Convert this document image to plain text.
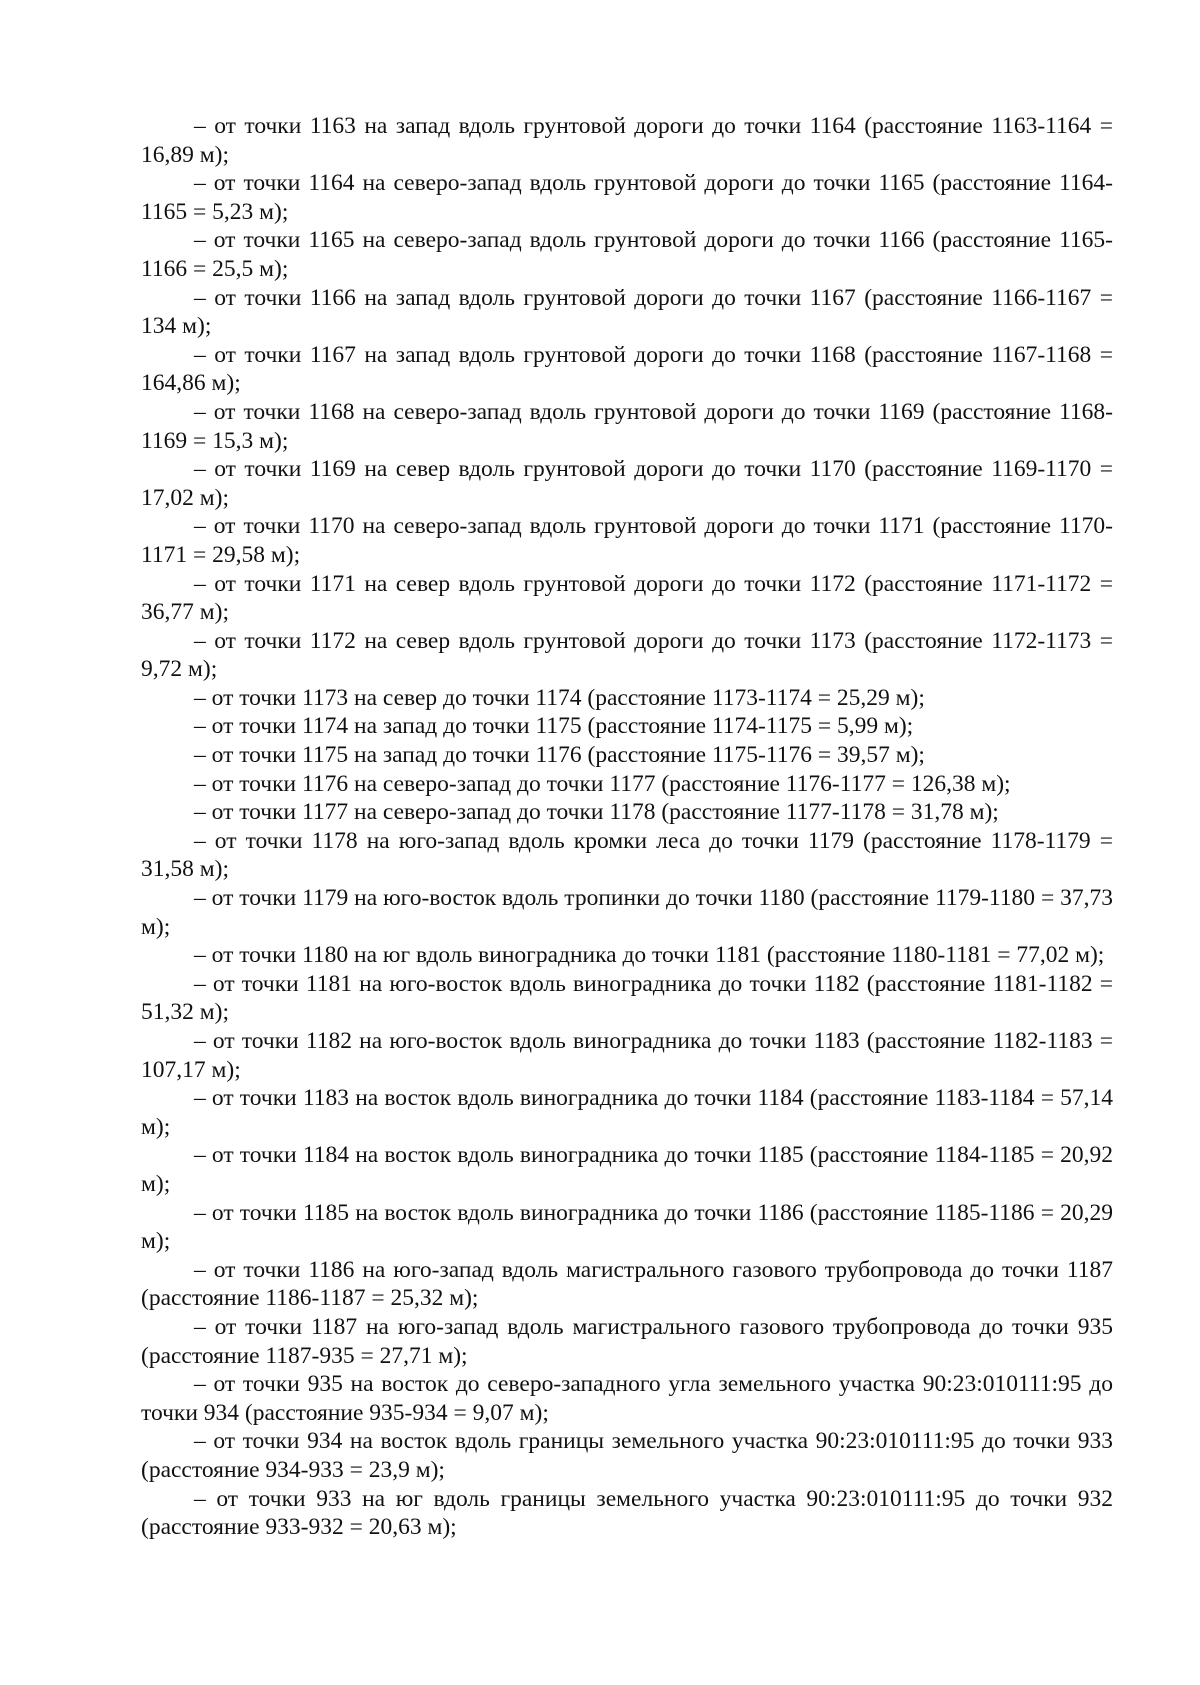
– от точки 1163 на запад вдоль грунтовой дороги до точки 1164 (расстояние 1163-1164 = 16,89 м);

– от точки 1164 на северо-запад вдоль грунтовой дороги до точки 1165 (расстояние 1164-1165 = 5,23 м);

– от точки 1165 на северо-запад вдоль грунтовой дороги до точки 1166 (расстояние 1165-1166 = 25,5 м);

– от точки 1166 на запад вдоль грунтовой дороги до точки 1167 (расстояние 1166-1167 = 134 м);

– от точки 1167 на запад вдоль грунтовой дороги до точки 1168 (расстояние 1167-1168 = 164,86 м);

– от точки 1168 на северо-запад вдоль грунтовой дороги до точки 1169 (расстояние 1168-1169 = 15,3 м);

– от точки 1169 на север вдоль грунтовой дороги до точки 1170 (расстояние 1169-1170 = 17,02 м);

– от точки 1170 на северо-запад вдоль грунтовой дороги до точки 1171 (расстояние 1170-1171 = 29,58 м);

– от точки 1171 на север вдоль грунтовой дороги до точки 1172 (расстояние 1171-1172 = 36,77 м);

– от точки 1172 на север вдоль грунтовой дороги до точки 1173 (расстояние 1172-1173 = 9,72 м);

– от точки 1173 на север до точки 1174 (расстояние 1173-1174 = 25,29 м);

– от точки 1174 на запад до точки 1175 (расстояние 1174-1175 = 5,99 м);

– от точки 1175 на запад до точки 1176 (расстояние 1175-1176 = 39,57 м);

– от точки 1176 на северо-запад до точки 1177 (расстояние 1176-1177 = 126,38 м);

– от точки 1177 на северо-запад до точки 1178 (расстояние 1177-1178 = 31,78 м);

– от точки 1178 на юго-запад вдоль кромки леса до точки 1179 (расстояние 1178-1179 = 31,58 м);

– от точки 1179 на юго-восток вдоль тропинки до точки 1180 (расстояние 1179-1180 = 37,73 м);

– от точки 1180 на юг вдоль виноградника до точки 1181 (расстояние 1180-1181 = 77,02 м);

– от точки 1181 на юго-восток вдоль виноградника до точки 1182 (расстояние 1181-1182 = 51,32 м);

– от точки 1182 на юго-восток вдоль виноградника до точки 1183 (расстояние 1182-1183 = 107,17 м);

– от точки 1183 на восток вдоль виноградника до точки 1184 (расстояние 1183-1184 = 57,14 м);

– от точки 1184 на восток вдоль виноградника до точки 1185 (расстояние 1184-1185 = 20,92 м);

– от точки 1185 на восток вдоль виноградника до точки 1186 (расстояние 1185-1186 = 20,29 м);

– от точки 1186 на юго-запад вдоль магистрального газового трубопровода до точки 1187 (расстояние 1186-1187 = 25,32 м);

– от точки 1187 на юго-запад вдоль магистрального газового трубопровода до точки 935 (расстояние 1187-935 = 27,71 м);

– от точки 935 на восток до северо-западного угла земельного участка 90:23:010111:95 до точки 934 (расстояние 935-934 = 9,07 м);

– от точки 934 на восток вдоль границы земельного участка 90:23:010111:95 до точки 933 (расстояние 934-933 = 23,9 м);

– от точки 933 на юг вдоль границы земельного участка 90:23:010111:95 до точки 932 (расстояние 933-932 = 20,63 м);
